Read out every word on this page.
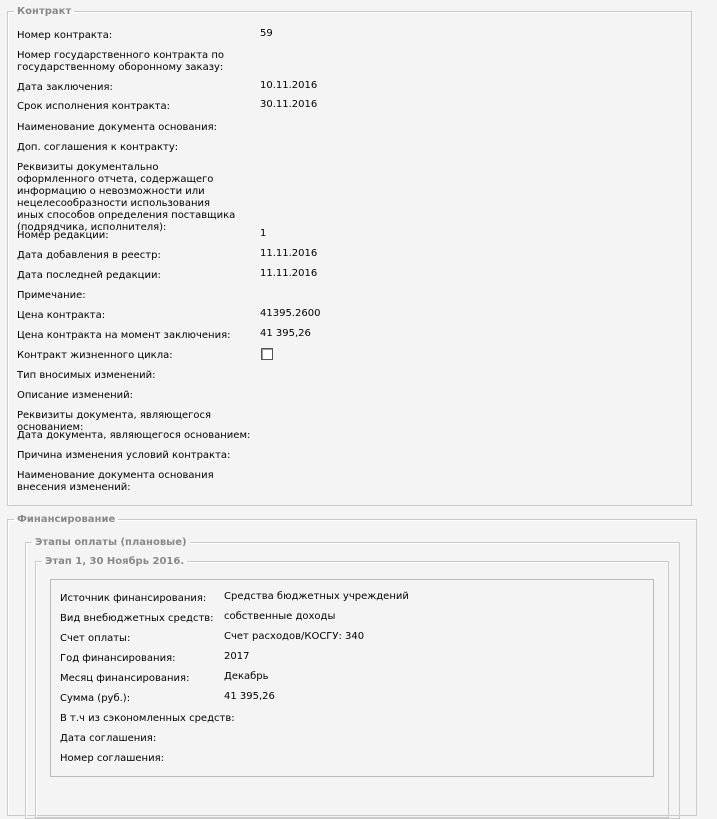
Контракт
Номер контракта:	59
Номер государственного контракта по государственному оборонному заказу:
Дата заключения:	10.11.2016
Срок исполнения контракта:	30.11.2016
Наименование документа основания:
Доп. соглашения к контракту:
Реквизиты документально оформленного отчета, содержащего информацию о невозможности или нецелесообразности использования иных способов определения поставщика (подрядчика, исполнителя):
Номер редакции:	1
Дата добавления в реестр:	11.11.2016
Дата последней редакции:	11.11.2016
Примечание:
Цена контракта:	41395.2600
Цена контракта на момент заключения:	41 395,26
Контракт жизненного цикла:
Тип вносимых изменений:
Описание изменений:
Реквизиты документа, являющегося основанием:
Дата документа, являющегося основанием:
Причина изменения условий контракта:
Наименование документа основания внесения изменений:
Финансирование
Этапы оплаты (плановые)
Этап 1, 30 Ноябрь 2016.
Источник финансирования: Средства бюджетных учреждений
Вид внебюджетных средств: собственные доходы
Счет оплаты:	Счет расходов/КОСГУ: 340
Год финансирования:	2017
Месяц финансирования:	Декабрь
Сумма (руб.):	41 395,26
В т.ч из сэкономленных средств:
Дата соглашения:
Номер соглашения:
